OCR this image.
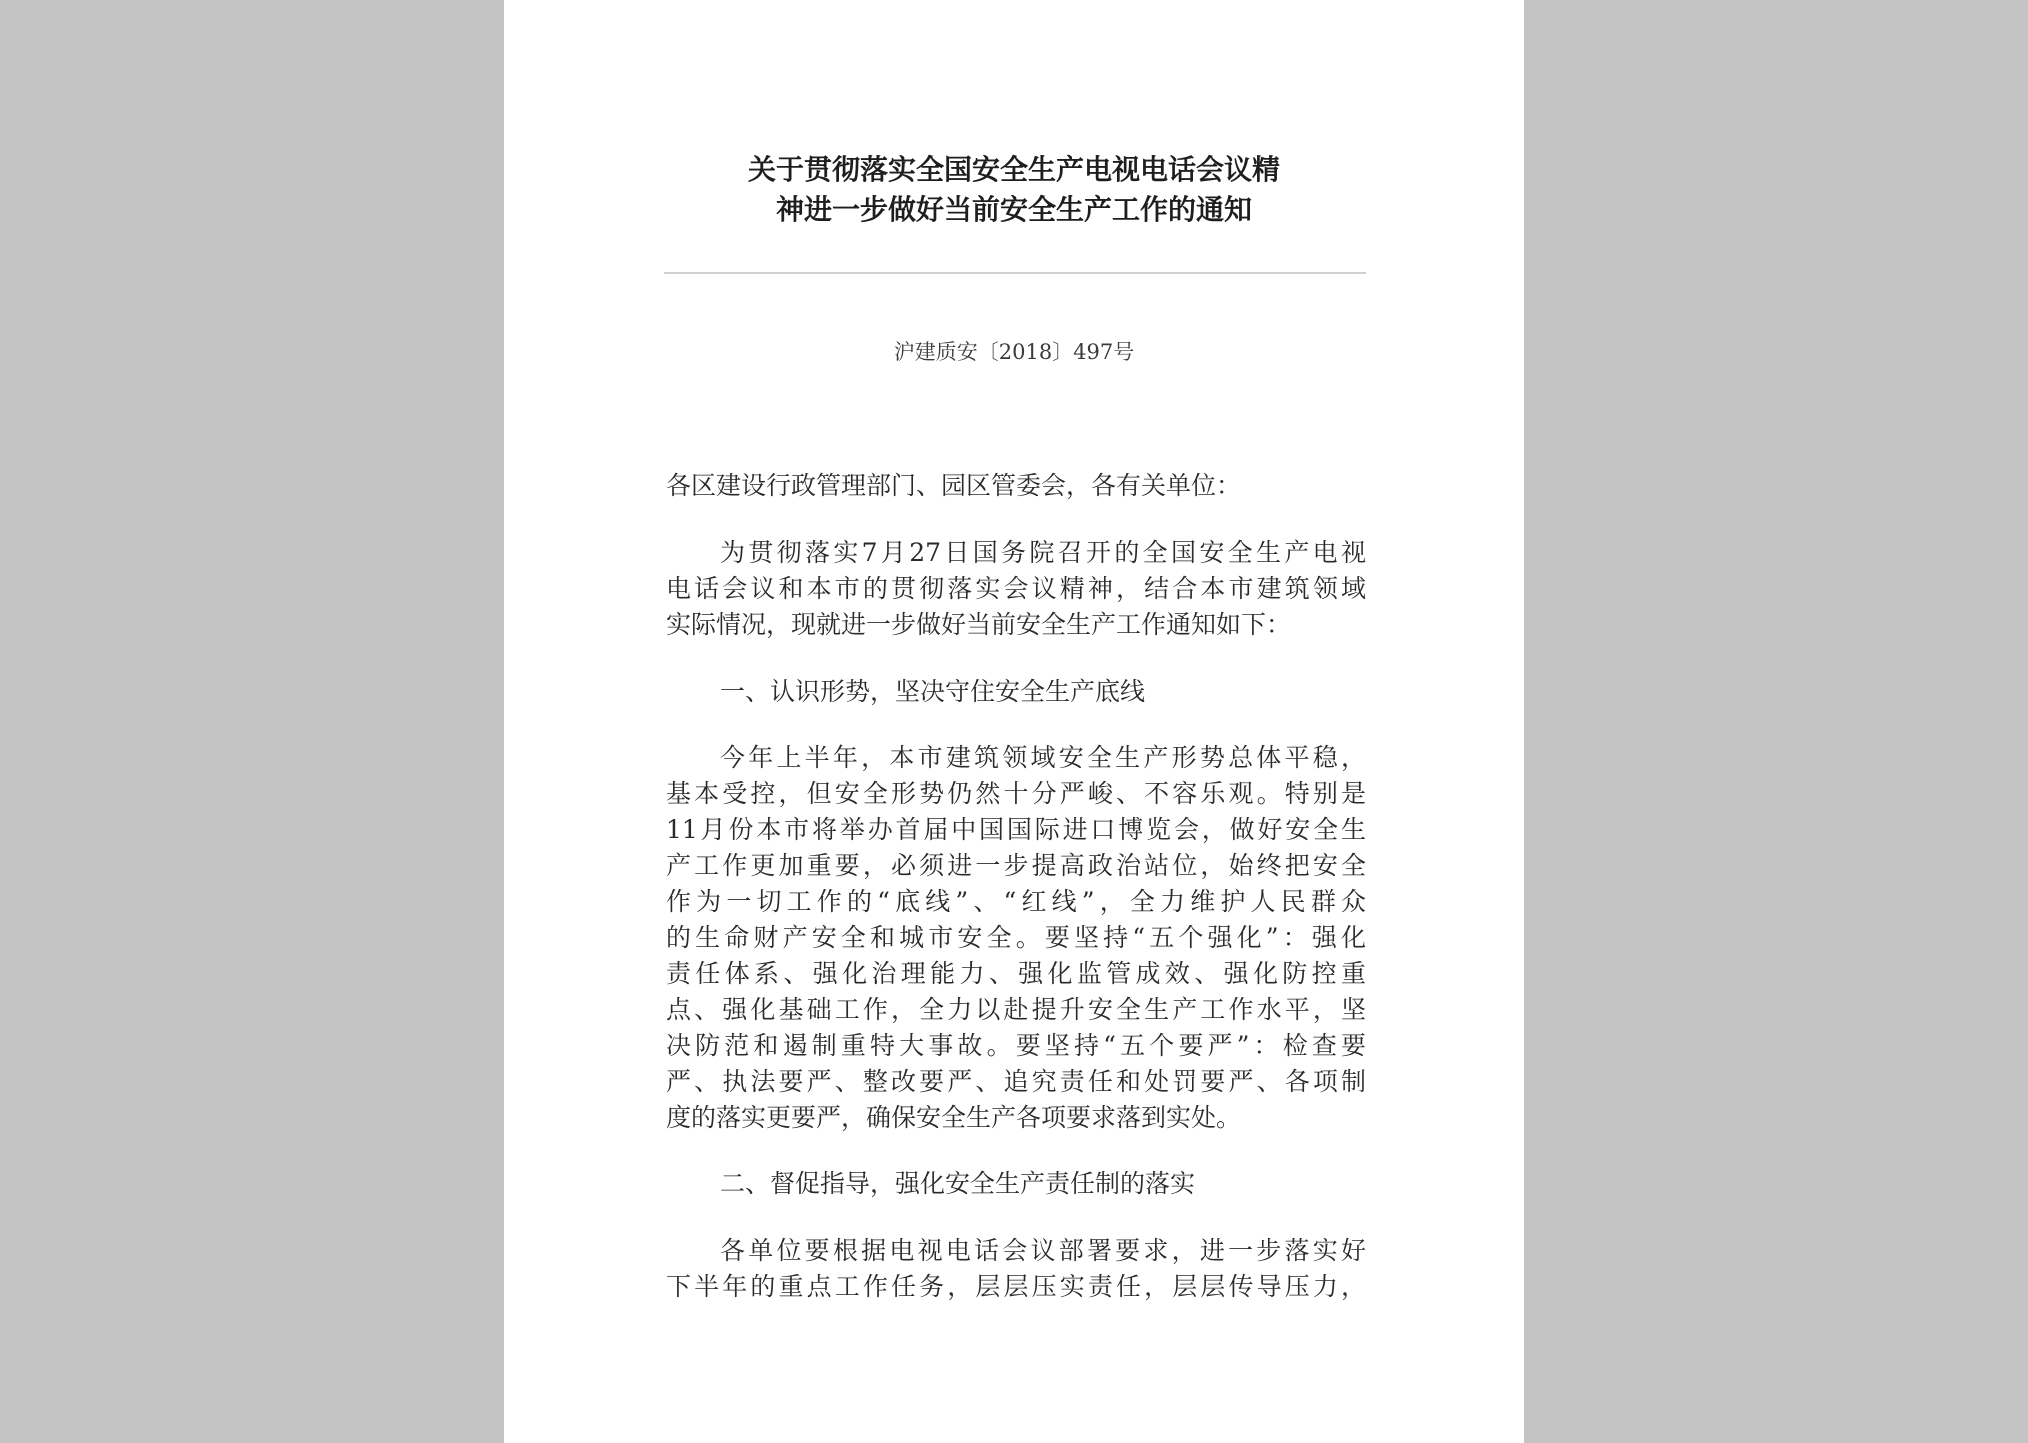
关于贯彻落实全国安全生产电视电话会议精
神进一步做好当前安全生产工作的通知
沪建质安〔2018〕497号
各区建设行政管理部门、园区管委会，各有关单位：
为贯彻落实7月27日国务院召开的全国安全生产电视
电话会议和本市的贯彻落实会议精神，结合本市建筑领域
实际情况，现就进一步做好当前安全生产工作通知如下：
一、认识形势，坚决守住安全生产底线
今年上半年，本市建筑领域安全生产形势总体平稳，
基本受控，但安全形势仍然十分严峻、不容乐观。特别是
11月份本市将举办首届中国国际进口博览会，做好安全生
产工作更加重要，必须进一步提高政治站位，始终把安全
作为一切工作的“底线”、“红线”，全力维护人民群众
的生命财产安全和城市安全。要坚持“五个强化”：强化
责任体系、强化治理能力、强化监管成效、强化防控重
点、强化基础工作，全力以赴提升安全生产工作水平，坚
决防范和遏制重特大事故。要坚持“五个要严”：检查要
严、执法要严、整改要严、追究责任和处罚要严、各项制
度的落实更要严，确保安全生产各项要求落到实处。
二、督促指导，强化安全生产责任制的落实
各单位要根据电视电话会议部署要求，进一步落实好
下半年的重点工作任务，层层压实责任，层层传导压力，
